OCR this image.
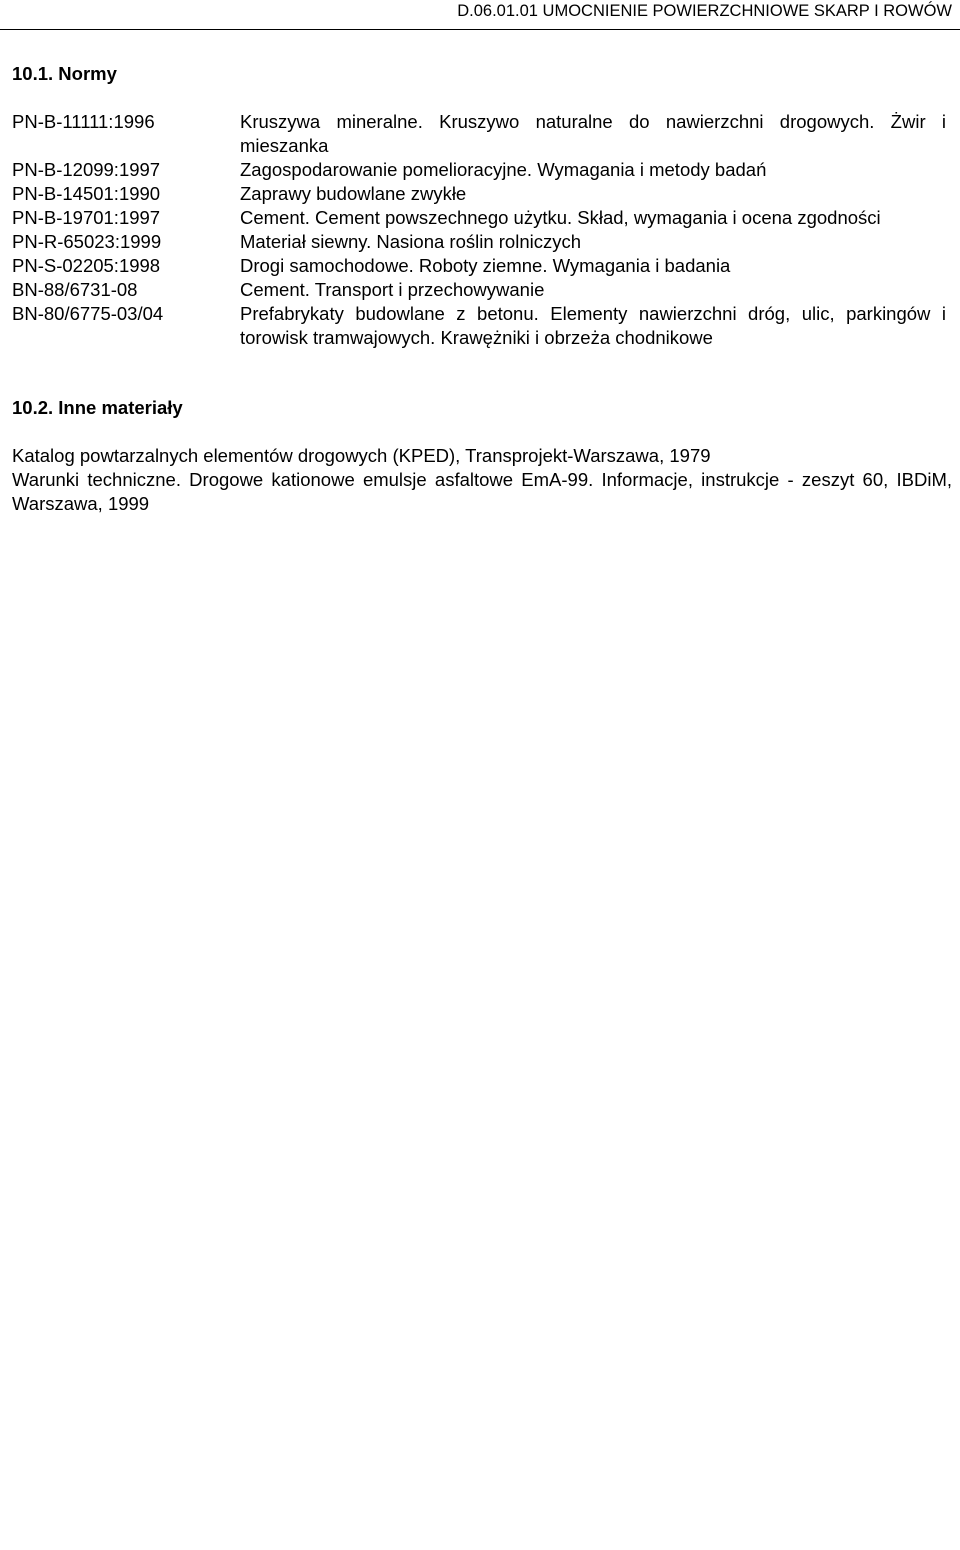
D.06.01.01 UMOCNIENIE POWIERZCHNIOWE SKARP I ROWÓW
10.1. Normy
PN-B-11111:1996	Kruszywa mineralne. Kruszywo naturalne do nawierzchni drogowych. Żwir i mieszanka
PN-B-12099:1997	Zagospodarowanie pomelioracyjne. Wymagania i metody badań
PN-B-14501:1990	Zaprawy budowlane zwykłe
PN-B-19701:1997	Cement. Cement powszechnego użytku. Skład, wymagania i ocena zgodności
PN-R-65023:1999	Materiał siewny. Nasiona roślin rolniczych
PN-S-02205:1998	Drogi samochodowe. Roboty ziemne. Wymagania i badania
BN-88/6731-08	Cement. Transport i przechowywanie
BN-80/6775-03/04	Prefabrykaty budowlane z betonu. Elementy nawierzchni dróg, ulic, parkingów i torowisk tramwajowych. Krawężniki i obrzeża chodnikowe
10.2. Inne materiały
Katalog powtarzalnych elementów drogowych (KPED), Transprojekt-Warszawa, 1979
Warunki techniczne. Drogowe kationowe emulsje asfaltowe EmA-99. Informacje, instrukcje - zeszyt 60, IBDiM, Warszawa, 1999
